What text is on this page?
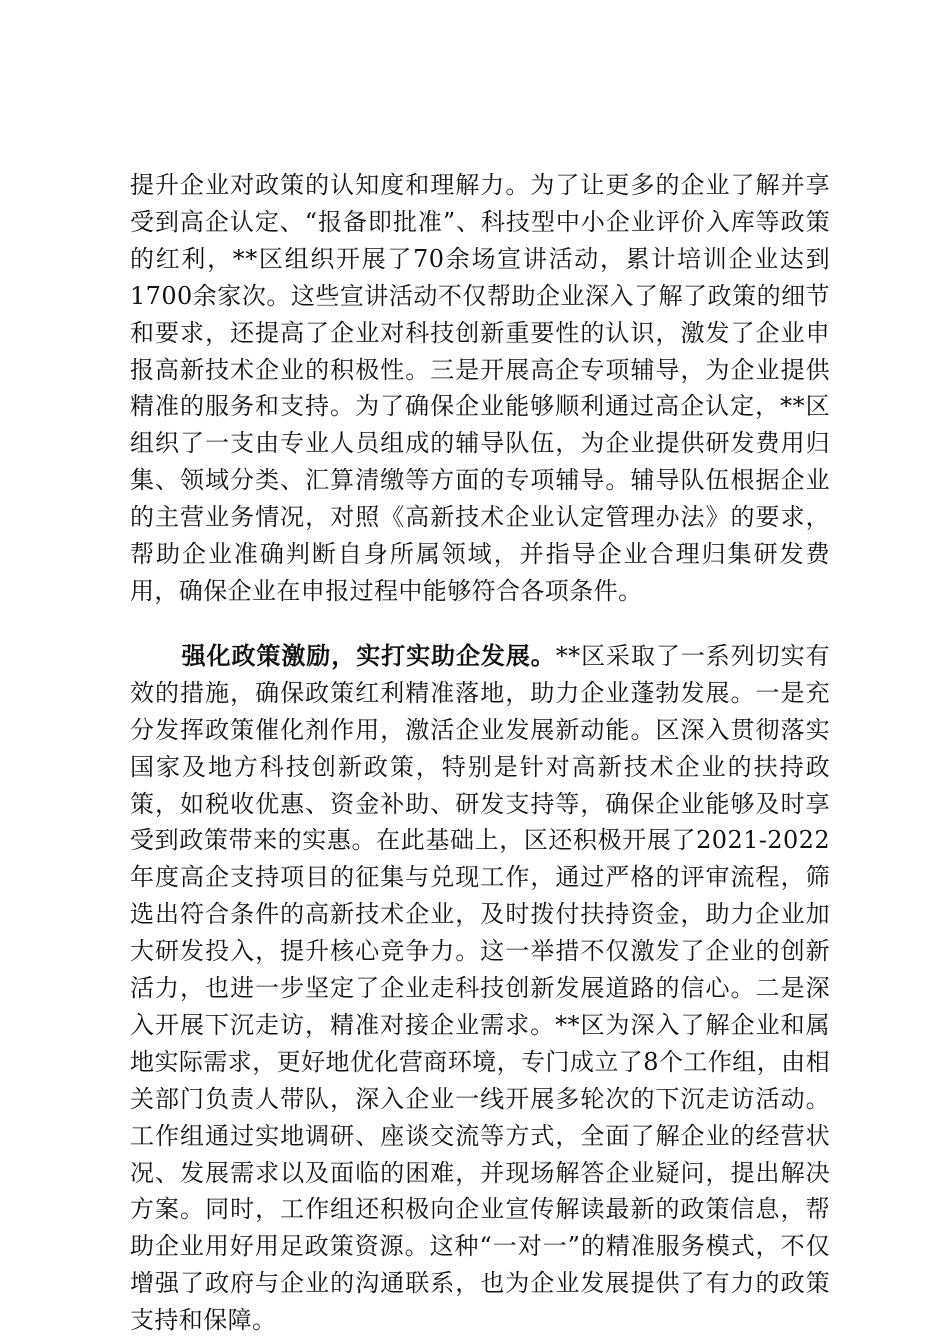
提升企业对政策的认知度和理解力。为了让更多的企业了解并享受到高企认定、“报备即批准”、科技型中小企业评价入库等政策的红利，**区组织开展了70余场宣讲活动，累计培训企业达到1700余家次。这些宣讲活动不仅帮助企业深入了解了政策的细节和要求，还提高了企业对科技创新重要性的认识，激发了企业申报高新技术企业的积极性。三是开展高企专项辅导，为企业提供精准的服务和支持。为了确保企业能够顺利通过高企认定，**区组织了一支由专业人员组成的辅导队伍，为企业提供研发费用归集、领域分类、汇算清缴等方面的专项辅导。辅导队伍根据企业的主营业务情况，对照《高新技术企业认定管理办法》的要求，帮助企业准确判断自身所属领域，并指导企业合理归集研发费用，确保企业在申报过程中能够符合各项条件。

强化政策激励，实打实助企发展。**区采取了一系列切实有效的措施，确保政策红利精准落地，助力企业蓬勃发展。一是充分发挥政策催化剂作用，激活企业发展新动能。区深入贯彻落实国家及地方科技创新政策，特别是针对高新技术企业的扶持政策，如税收优惠、资金补助、研发支持等，确保企业能够及时享受到政策带来的实惠。在此基础上，区还积极开展了2021-2022年度高企支持项目的征集与兑现工作，通过严格的评审流程，筛选出符合条件的高新技术企业，及时拨付扶持资金，助力企业加大研发投入，提升核心竞争力。这一举措不仅激发了企业的创新活力，也进一步坚定了企业走科技创新发展道路的信心。二是深入开展下沉走访，精准对接企业需求。**区为深入了解企业和属地实际需求，更好地优化营商环境，专门成立了8个工作组，由相关部门负责人带队，深入企业一线开展多轮次的下沉走访活动。工作组通过实地调研、座谈交流等方式，全面了解企业的经营状况、发展需求以及面临的困难，并现场解答企业疑问，提出解决方案。同时，工作组还积极向企业宣传解读最新的政策信息，帮助企业用好用足政策资源。这种“一对一”的精准服务模式，不仅增强了政府与企业的沟通联系，也为企业发展提供了有力的政策支持和保障。
